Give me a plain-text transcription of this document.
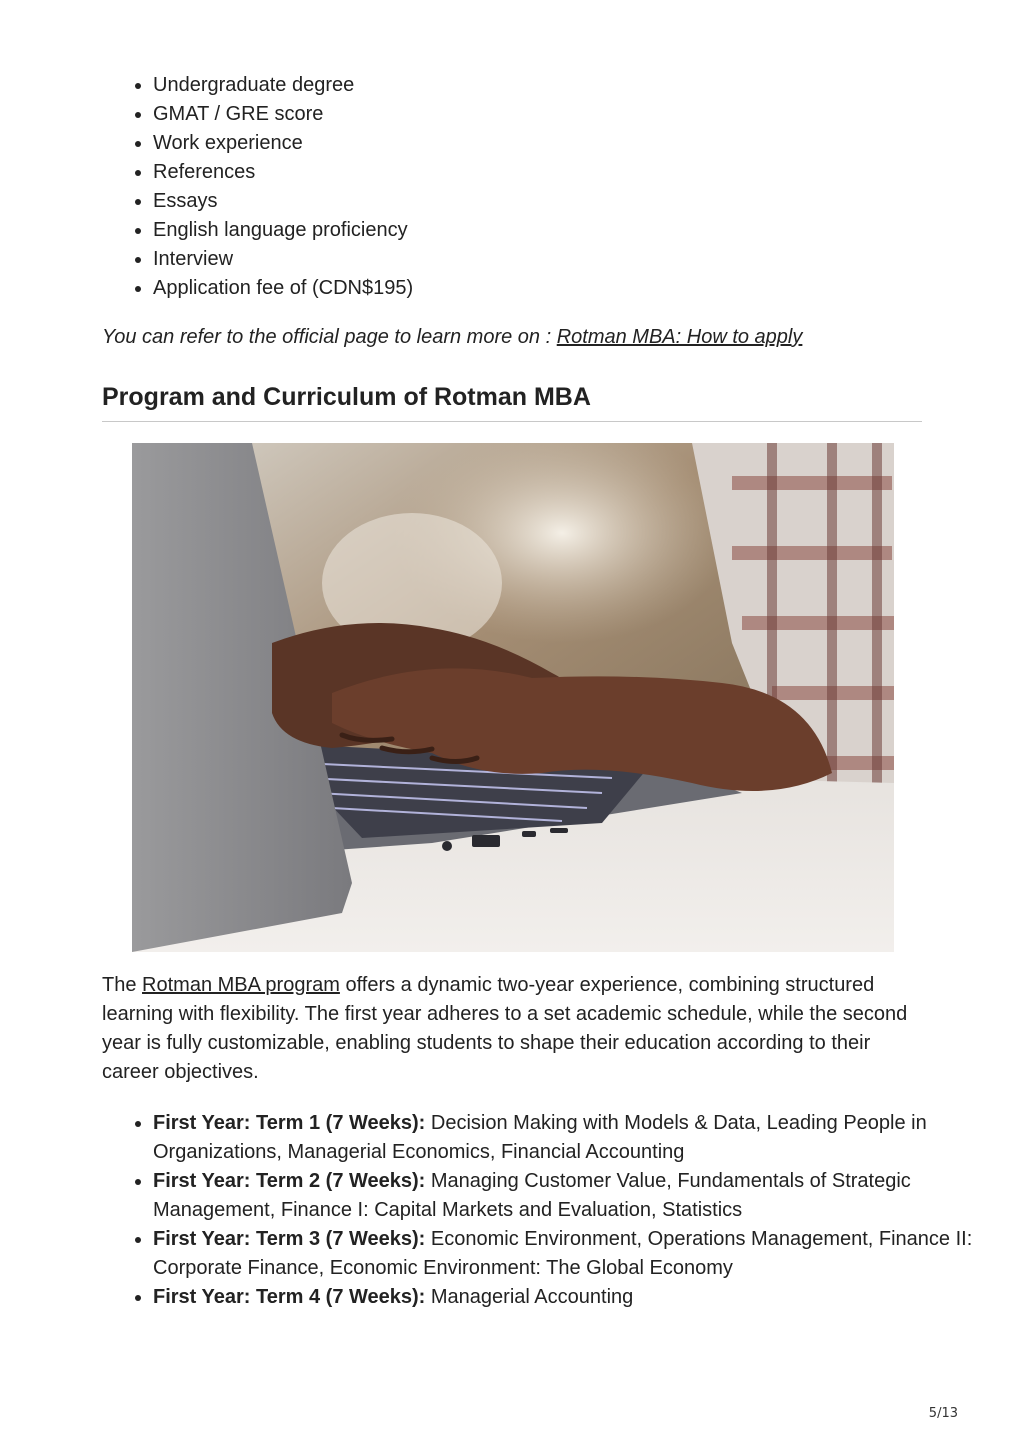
• Undergraduate degree
• GMAT / GRE score
• Work experience
• References
• Essays
• English language proficiency
• Interview
• Application fee of (CDN$195)
You can refer to the official page to learn more on : Rotman MBA: How to apply
Program and Curriculum of Rotman MBA

The Rotman MBA program offers a dynamic two-year experience, combining structured learning with flexibility. The first year adheres to a set academic schedule, while the second year is fully customizable, enabling students to shape their education according to their career objectives.

• First Year: Term 1 (7 Weeks): Decision Making with Models & Data, Leading People in Organizations, Managerial Economics, Financial Accounting
• First Year: Term 2 (7 Weeks): Managing Customer Value, Fundamentals of Strategic Management, Finance I: Capital Markets and Evaluation, Statistics
• First Year: Term 3 (7 Weeks): Economic Environment, Operations Management, Finance II: Corporate Finance, Economic Environment: The Global Economy
• First Year: Term 4 (7 Weeks): Managerial Accounting
5/13
